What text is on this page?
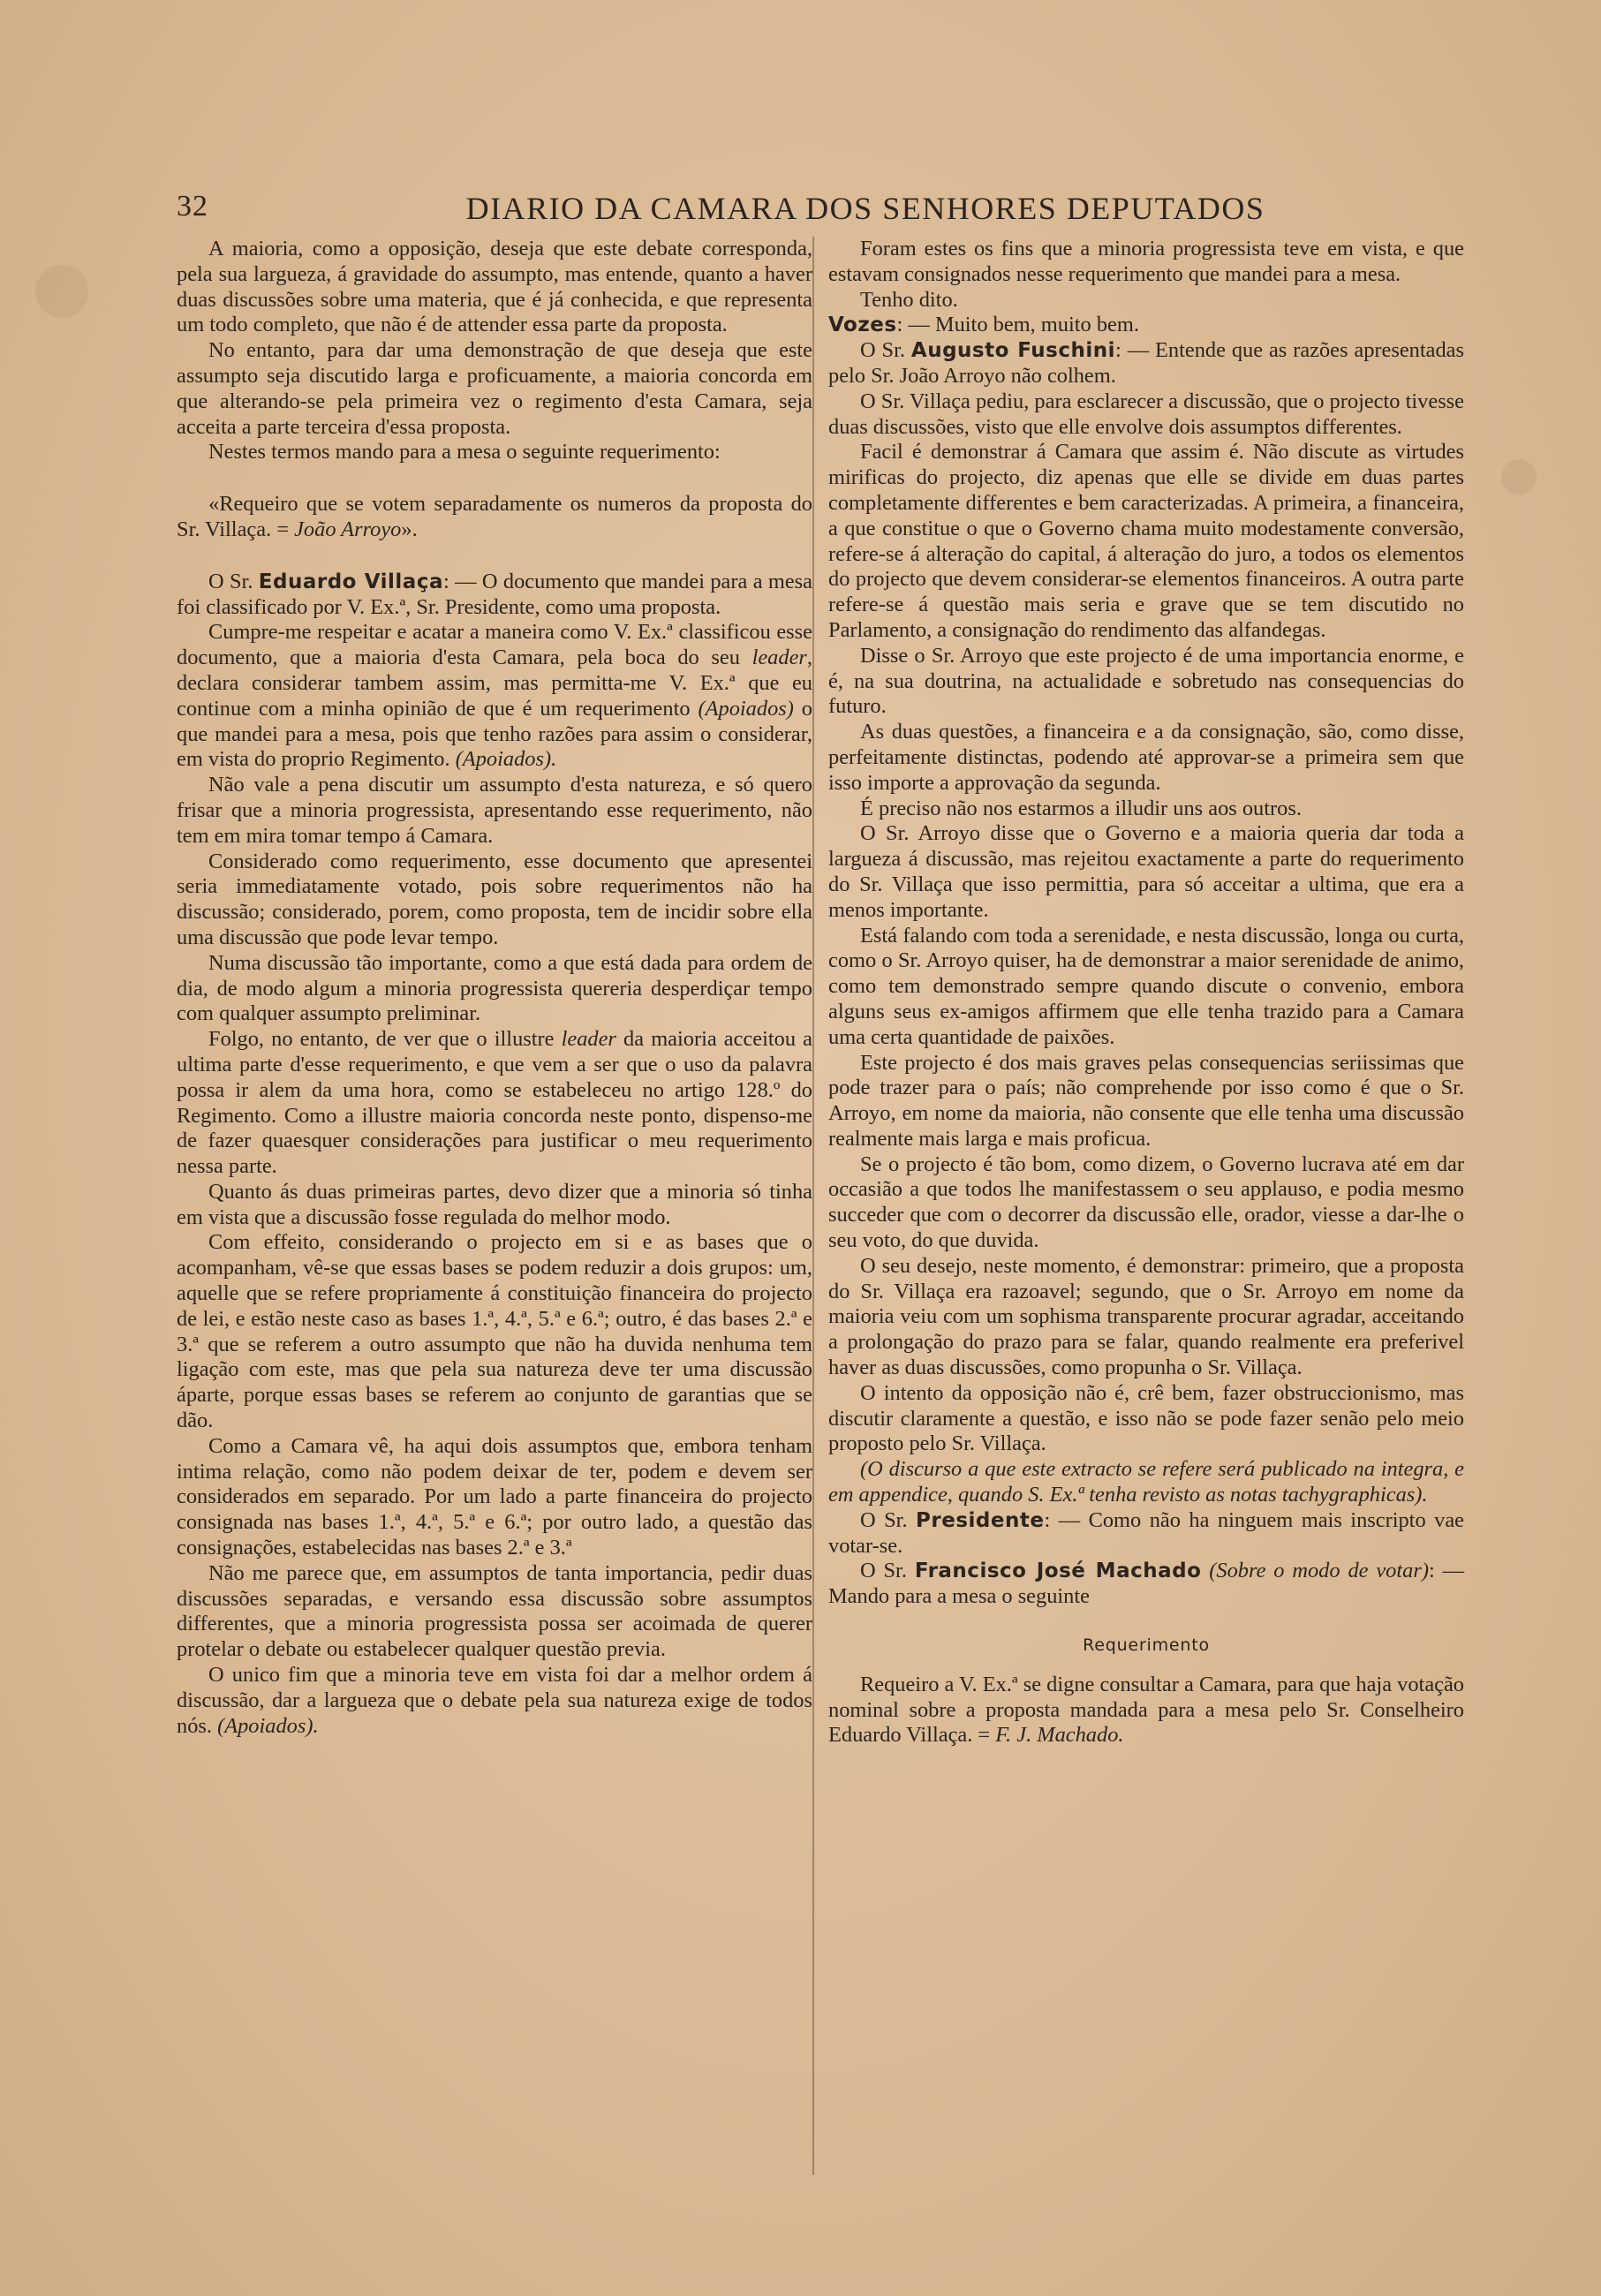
32	DIARIO DA CAMARA DOS SENHORES DEPUTADOS

A maioria, como a opposição, deseja que este debate corresponda, pela sua largueza, á gravidade do assumpto, mas entende, quanto a haver duas discussões sobre uma materia, que é já conhecida, e que representa um todo completo, que não é de attender essa parte da proposta.

No entanto, para dar uma demonstração de que deseja que este assumpto seja discutido larga e proficuamente, a maioria concorda em que alterando-se pela primeira vez o regimento d'esta Camara, seja acceita a parte terceira d'essa proposta.

Nestes termos mando para a mesa o seguinte requerimento:

«Requeiro que se votem separadamente os numeros da proposta do Sr. Villaça. = João Arroyo».

O Sr. Eduardo Villaça: — O documento que mandei para a mesa foi classificado por V. Ex.ª, Sr. Presidente, como uma proposta.

Cumpre-me respeitar e acatar a maneira como V. Ex.ª classificou esse documento, que a maioria d'esta Camara, pela boca do seu leader, declara considerar tambem assim, mas permitta-me V. Ex.ª que eu continue com a minha opinião de que é um requerimento (Apoiados) o que mandei para a mesa, pois que tenho razões para assim o considerar, em vista do proprio Regimento. (Apoiados).

Não vale a pena discutir um assumpto d'esta natureza, e só quero frisar que a minoria progressista, apresentando esse requerimento, não tem em mira tomar tempo á Camara.

Considerado como requerimento, esse documento que apresentei seria immediatamente votado, pois sobre requerimentos não ha discussão; considerado, porem, como proposta, tem de incidir sobre ella uma discussão que pode levar tempo.

Numa discussão tão importante, como a que está dada para ordem de dia, de modo algum a minoria progressista quereria desperdiçar tempo com qualquer assumpto preliminar.

Folgo, no entanto, de ver que o illustre leader da maioria acceitou a ultima parte d'esse requerimento, e que vem a ser que o uso da palavra possa ir alem da uma hora, como se estabeleceu no artigo 128.º do Regimento. Como a illustre maioria concorda neste ponto, dispenso-me de fazer quaesquer considerações para justificar o meu requerimento nessa parte.

Quanto ás duas primeiras partes, devo dizer que a minoria só tinha em vista que a discussão fosse regulada do melhor modo.

Com effeito, considerando o projecto em si e as bases que o acompanham, vê-se que essas bases se podem reduzir a dois grupos: um, aquelle que se refere propriamente á constituição financeira do projecto de lei, e estão neste caso as bases 1.ª, 4.ª, 5.ª e 6.ª; outro, é das bases 2.ª e 3.ª que se referem a outro assumpto que não ha duvida nenhuma tem ligação com este, mas que pela sua natureza deve ter uma discussão áparte, porque essas bases se referem ao conjunto de garantias que se dão.

Como a Camara vê, ha aqui dois assumptos que, embora tenham intima relação, como não podem deixar de ter, podem e devem ser considerados em separado. Por um lado a parte financeira do projecto consignada nas bases 1.ª, 4.ª, 5.ª e 6.ª; por outro lado, a questão das consignações, estabelecidas nas bases 2.ª e 3.ª

Não me parece que, em assumptos de tanta importancia, pedir duas discussões separadas, e versando essa discussão sobre assumptos differentes, que a minoria progressista possa ser acoimada de querer protelar o debate ou estabelecer qualquer questão previa.

O unico fim que a minoria teve em vista foi dar a melhor ordem á discussão, dar a largueza que o debate pela sua natureza exige de todos nós. (Apoiados).

Foram estes os fins que a minoria progressista teve em vista, e que estavam consignados nesse requerimento que mandei para a mesa.

Tenho dito.

Vozes: — Muito bem, muito bem.

O Sr. Augusto Fuschini: — Entende que as razões apresentadas pelo Sr. João Arroyo não colhem.

O Sr. Villaça pediu, para esclarecer a discussão, que o projecto tivesse duas discussões, visto que elle envolve dois assumptos differentes.

Facil é demonstrar á Camara que assim é. Não discute as virtudes mirificas do projecto, diz apenas que elle se divide em duas partes completamente differentes e bem caracterizadas. A primeira, a financeira, a que constitue o que o Governo chama muito modestamente conversão, refere-se á alteração do capital, á alteração do juro, a todos os elementos do projecto que devem considerar-se elementos financeiros. A outra parte refere-se á questão mais seria e grave que se tem discutido no Parlamento, a consignação do rendimento das alfandegas.

Disse o Sr. Arroyo que este projecto é de uma importancia enorme, e é, na sua doutrina, na actualidade e sobretudo nas consequencias do futuro.

As duas questões, a financeira e a da consignação, são, como disse, perfeitamente distinctas, podendo até approvar-se a primeira sem que isso importe a approvação da segunda.

É preciso não nos estarmos a illudir uns aos outros.

O Sr. Arroyo disse que o Governo e a maioria queria dar toda a largueza á discussão, mas rejeitou exactamente a parte do requerimento do Sr. Villaça que isso permittia, para só acceitar a ultima, que era a menos importante.

Está falando com toda a serenidade, e nesta discussão, longa ou curta, como o Sr. Arroyo quiser, ha de demonstrar a maior serenidade de animo, como tem demonstrado sempre quando discute o convenio, embora alguns seus ex-amigos affirmem que elle tenha trazido para a Camara uma certa quantidade de paixões.

Este projecto é dos mais graves pelas consequencias seriissimas que pode trazer para o país; não comprehende por isso como é que o Sr. Arroyo, em nome da maioria, não consente que elle tenha uma discussão realmente mais larga e mais proficua.

Se o projecto é tão bom, como dizem, o Governo lucrava até em dar occasião a que todos lhe manifestassem o seu applauso, e podia mesmo succeder que com o decorrer da discussão elle, orador, viesse a dar-lhe o seu voto, do que duvida.

O seu desejo, neste momento, é demonstrar: primeiro, que a proposta do Sr. Villaça era razoavel; segundo, que o Sr. Arroyo em nome da maioria veiu com um sophisma transparente procurar agradar, acceitando a prolongação do prazo para se falar, quando realmente era preferivel haver as duas discussões, como propunha o Sr. Villaça.

O intento da opposição não é, crê bem, fazer obstruccionismo, mas discutir claramente a questão, e isso não se pode fazer senão pelo meio proposto pelo Sr. Villaça.

(O discurso a que este extracto se refere será publicado na integra, e em appendice, quando S. Ex.ª tenha revisto as notas tachygraphicas).

O Sr. Presidente: — Como não ha ninguem mais inscripto vae votar-se.

O Sr. Francisco José Machado (Sobre o modo de votar): — Mando para a mesa o seguinte

Requerimento

Requeiro a V. Ex.ª se digne consultar a Camara, para que haja votação nominal sobre a proposta mandada para a mesa pelo Sr. Conselheiro Eduardo Villaça. = F. J. Machado.
